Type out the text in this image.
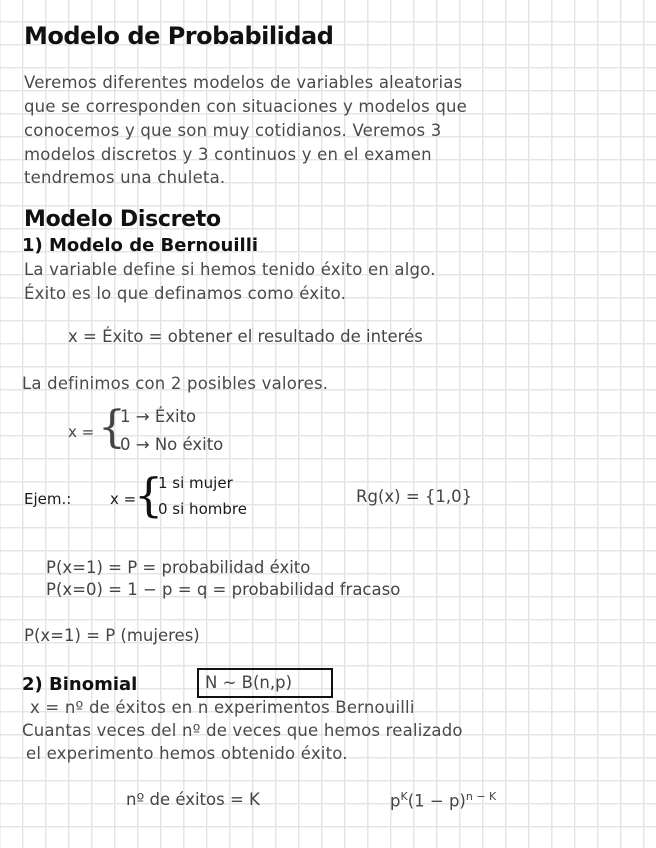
Modelo de Probabilidad

Veremos diferentes modelos de variables aleatorias

que se corresponden con situaciones y modelos que

conocemos y que son muy cotidianos. Veremos 3

modelos discretos y 3 continuos y en el examen

tendremos una chuleta.

Modelo Discreto
1) Modelo de Bernouilli

La variable define si hemos tenido éxito en algo.

Éxito es lo que definamos como éxito.

x = Éxito = obtener el resultado de interés

La definimos con 2 posibles valores.

x = {
1 → Éxito
0 → No éxito
Ejem.:	x =
{
1 si mujer
0 si hombre
Rg(x) = {1,0}

P(x=1) = P = probabilidad éxito

P(x=0) = 1 − p = q = probabilidad fracaso

P(x=1) = P (mujeres)

2) Binomial	N ~ B(n,p)

x = nº de éxitos en n experimentos Bernouilli

Cuantas veces del nº de veces que hemos realizado

el experimento hemos obtenido éxito.

nº de éxitos = K	$p^K(1 - p)^{n - K}$
